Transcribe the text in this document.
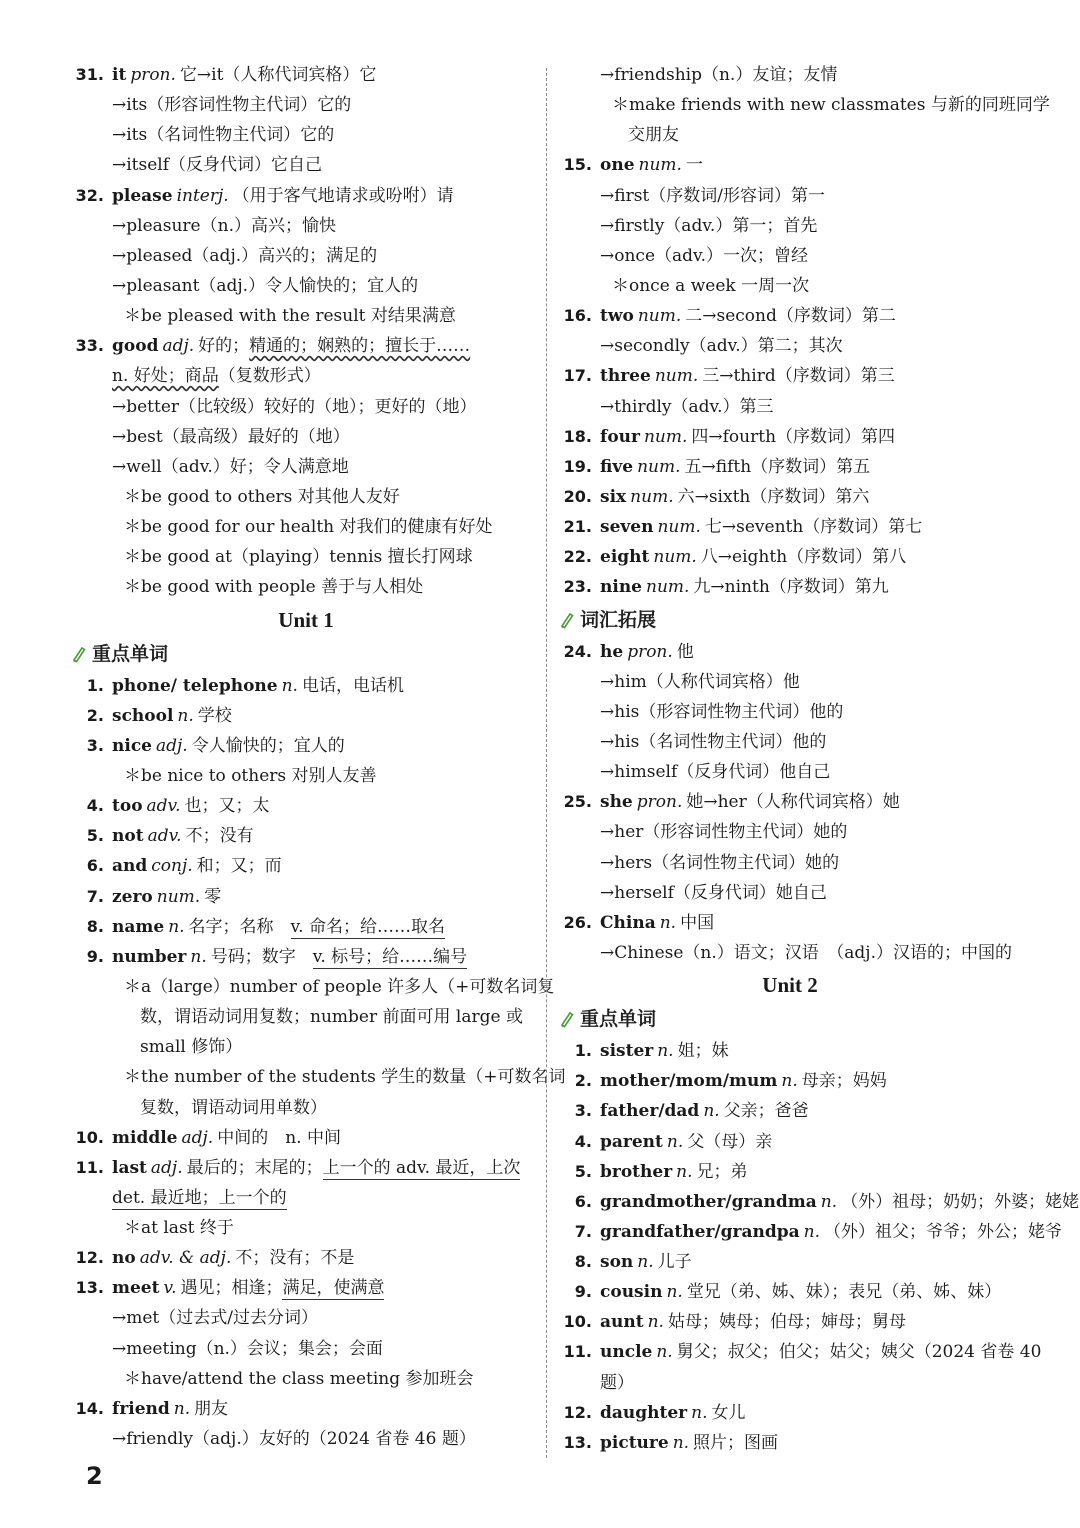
31. it pron. 它→it（人称代词宾格）它
→its（形容词性物主代词）它的
→its（名词性物主代词）它的
→itself（反身代词）它自己
32. please interj. （用于客气地请求或吩咐）请
→pleasure（n.）高兴；愉快
→pleased（adj.）高兴的；满足的
→pleasant（adj.）令人愉快的；宜人的
＊be pleased with the result 对结果满意
33. good adj. 好的；精通的；娴熟的；擅长于……
n. 好处；商品（复数形式）
→better（比较级）较好的（地）；更好的（地）
→best（最高级）最好的（地）
→well（adv.）好；令人满意地
＊be good to others 对其他人友好
＊be good for our health 对我们的健康有好处
＊be good at（playing）tennis 擅长打网球
＊be good with people 善于与人相处
Unit 1
重点单词
1. phone/ telephone n. 电话，电话机
2. school n. 学校
3. nice adj. 令人愉快的；宜人的
＊be nice to others 对别人友善
4. too adv. 也；又；太
5. not adv. 不；没有
6. and conj. 和；又；而
7. zero num. 零
8. name n. 名字；名称　v. 命名；给……取名
9. number n. 号码；数字　v. 标号；给……编号
＊a（large）number of people 许多人（+可数名词复
数，谓语动词用复数；number 前面可用 large 或
small 修饰）
＊the number of the students 学生的数量（+可数名词
复数，谓语动词用单数）
10. middle adj. 中间的　n. 中间
11. last adj. 最后的；末尾的；上一个的 adv. 最近，上次
det. 最近地；上一个的
＊at last 终于
12. no adv. & adj. 不；没有；不是
13. meet v. 遇见；相逢；满足，使满意
→met（过去式/过去分词）
→meeting（n.）会议；集会；会面
＊have/attend the class meeting 参加班会
14. friend n. 朋友
→friendly（adj.）友好的（2024 省卷 46 题）
→friendship（n.）友谊；友情
＊make friends with new classmates 与新的同班同学
交朋友
15. one num. 一
→first（序数词/形容词）第一
→firstly（adv.）第一；首先
→once（adv.）一次；曾经
＊once a week 一周一次
16. two num. 二→second（序数词）第二
→secondly（adv.）第二；其次
17. three num. 三→third（序数词）第三
→thirdly（adv.）第三
18. four num. 四→fourth（序数词）第四
19. five num. 五→fifth（序数词）第五
20. six num. 六→sixth（序数词）第六
21. seven num. 七→seventh（序数词）第七
22. eight num. 八→eighth（序数词）第八
23. nine num. 九→ninth（序数词）第九
词汇拓展
24. he pron. 他
→him（人称代词宾格）他
→his（形容词性物主代词）他的
→his（名词性物主代词）他的
→himself（反身代词）他自己
25. she pron. 她→her（人称代词宾格）她
→her（形容词性物主代词）她的
→hers（名词性物主代词）她的
→herself（反身代词）她自己
26. China n. 中国
→Chinese（n.）语文；汉语　（adj.）汉语的；中国的
Unit 2
重点单词
1. sister n. 姐；妹
2. mother/mom/mum n. 母亲；妈妈
3. father/dad n. 父亲；爸爸
4. parent n. 父（母）亲
5. brother n. 兄；弟
6. grandmother/grandma n. （外）祖母；奶奶；外婆；姥姥
7. grandfather/grandpa n. （外）祖父；爷爷；外公；姥爷
8. son n. 儿子
9. cousin n. 堂兄（弟、姊、妹）；表兄（弟、姊、妹）
10. aunt n. 姑母；姨母；伯母；婶母；舅母
11. uncle n. 舅父；叔父；伯父；姑父；姨父（2024 省卷 40
题）
12. daughter n. 女儿
13. picture n. 照片；图画
2
